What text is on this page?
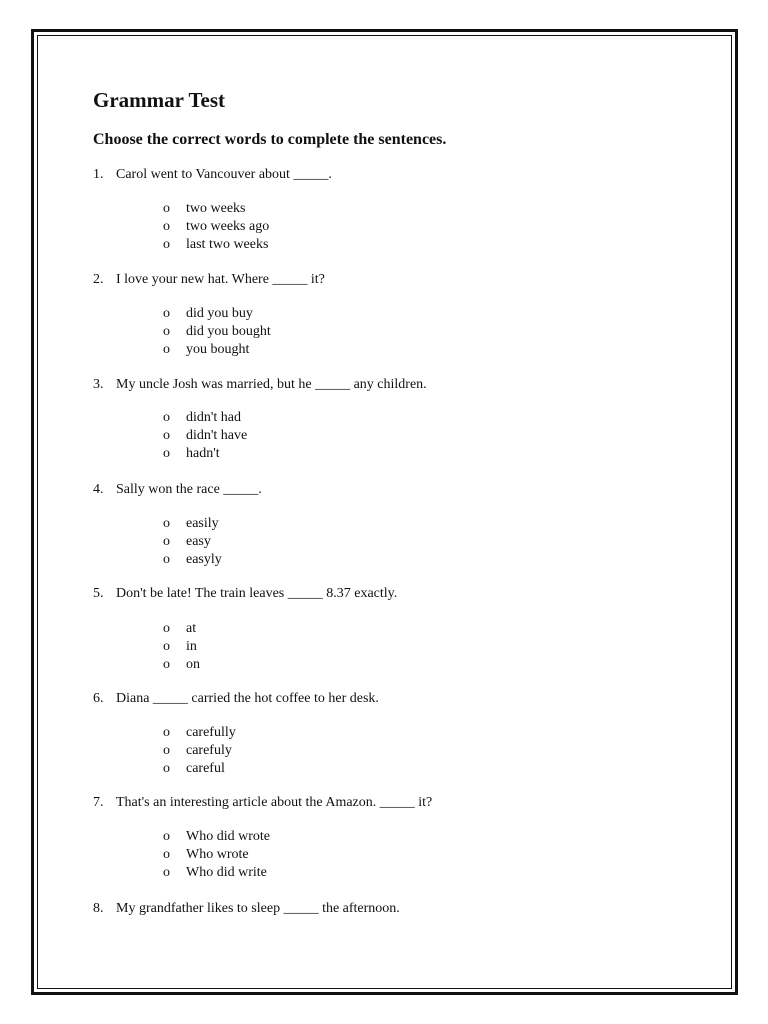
Grammar Test
Choose the correct words to complete the sentences.
1. Carol went to Vancouver about _____.
o two weeks
o two weeks ago
o last two weeks
2. I love your new hat. Where _____ it?
o did you buy
o did you bought
o you bought
3. My uncle Josh was married, but he _____ any children.
o didn't had
o didn't have
o hadn't
4. Sally won the race _____.
o easily
o easy
o easyly
5. Don't be late! The train leaves _____ 8.37 exactly.
o at
o in
o on
6. Diana _____ carried the hot coffee to her desk.
o carefully
o carefuly
o careful
7. That's an interesting article about the Amazon. _____ it?
o Who did wrote
o Who wrote
o Who did write
8. My grandfather likes to sleep _____ the afternoon.
